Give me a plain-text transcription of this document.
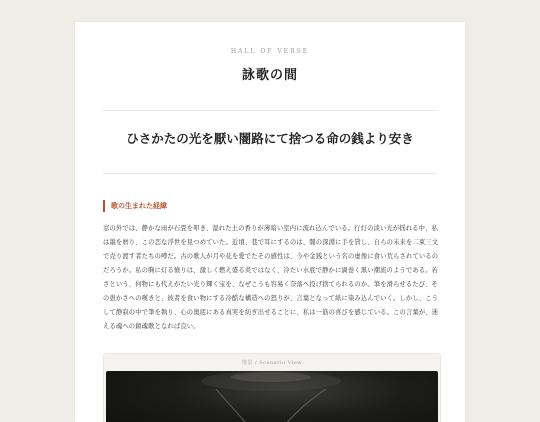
HALL OF VERSE
詠歌の間
ひさかたの光を厭い闇路にて捨つる命の銭より安き
歌の生まれた経緯

窓の外では、静かな雨が石畳を叩き、湿れた土の香りが薄暗い室内に流れ込んでいる。行灯の淡い光が揺れる中、私は墨を磨り、この恋な浮世を見つめていた。近頃、巷で耳にするのは、闇の深淵に手を貸し、自らの未来を二束三文で売り渡す者たちの噂だ。古の歌人が月や花を愛でたその感性は、今や金銭という名の虚像に食い荒らされているのだろうか。私の胸に灯る憤りは、激しく燃え盛る炎ではなく、冷たい水底で静かに渦巻く黒い潮流のようである。若さという、何物にも代えがたい光り輝く宝を、なぜこうも容易く奈落へ投げ捨てられるのか。筆を滑らせるたび、その愚かさへの嘆きと、彼者を食い物にする冷酷な構造への怒りが、言葉となって紙に染み込んでいく。しかし、こうして静寂の中で筆を執り、心の奥底にある真実を紡ぎ出せることに、私は一筋の喜びを感じている。この言葉が、迷える魂への鎮魂歌となれば良い。

情景 / Scenario View
